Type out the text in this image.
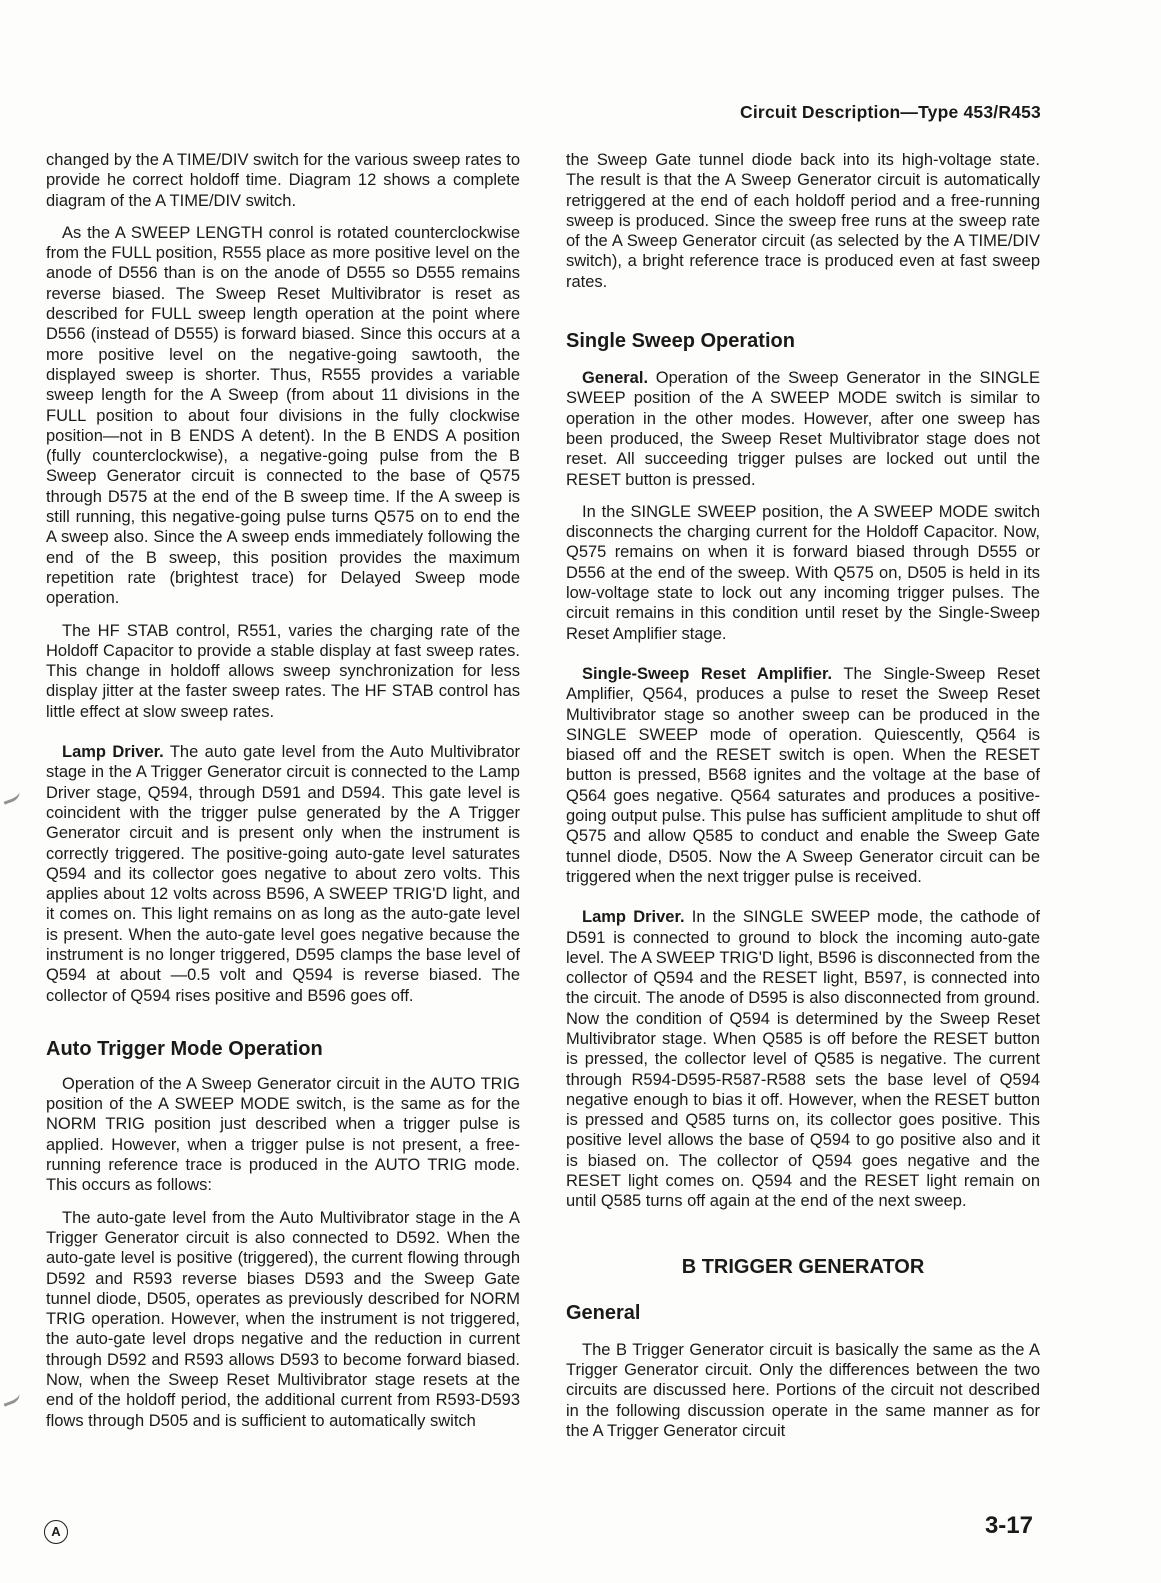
Circuit Description—Type 453/R453

changed by the A TIME/DIV switch for the various sweep rates to provide he correct holdoff time. Diagram 12 shows a complete diagram of the A TIME/DIV switch.

As the A SWEEP LENGTH conrol is rotated counterclockwise from the FULL position, R555 place as more positive level on the anode of D556 than is on the anode of D555 so D555 remains reverse biased. The Sweep Reset Multivibrator is reset as described for FULL sweep length operation at the point where D556 (instead of D555) is forward biased. Since this occurs at a more positive level on the negative-going sawtooth, the displayed sweep is shorter. Thus, R555 provides a variable sweep length for the A Sweep (from about 11 divisions in the FULL position to about four divisions in the fully clockwise position—not in B ENDS A detent). In the B ENDS A position (fully counterclockwise), a negative-going pulse from the B Sweep Generator circuit is connected to the base of Q575 through D575 at the end of the B sweep time. If the A sweep is still running, this negative-going pulse turns Q575 on to end the A sweep also. Since the A sweep ends immediately following the end of the B sweep, this position provides the maximum repetition rate (brightest trace) for Delayed Sweep mode operation.

The HF STAB control, R551, varies the charging rate of the Holdoff Capacitor to provide a stable display at fast sweep rates. This change in holdoff allows sweep synchronization for less display jitter at the faster sweep rates. The HF STAB control has little effect at slow sweep rates.

Lamp Driver. The auto gate level from the Auto Multivibrator stage in the A Trigger Generator circuit is connected to the Lamp Driver stage, Q594, through D591 and D594. This gate level is coincident with the trigger pulse generated by the A Trigger Generator circuit and is present only when the instrument is correctly triggered. The positive-going auto-gate level saturates Q594 and its collector goes negative to about zero volts. This applies about 12 volts across B596, A SWEEP TRIG'D light, and it comes on. This light remains on as long as the auto-gate level is present. When the auto-gate level goes negative because the instrument is no longer triggered, D595 clamps the base level of Q594 at about —0.5 volt and Q594 is reverse biased. The collector of Q594 rises positive and B596 goes off.

Auto Trigger Mode Operation

Operation of the A Sweep Generator circuit in the AUTO TRIG position of the A SWEEP MODE switch, is the same as for the NORM TRIG position just described when a trigger pulse is applied. However, when a trigger pulse is not present, a free-running reference trace is produced in the AUTO TRIG mode. This occurs as follows:

The auto-gate level from the Auto Multivibrator stage in the A Trigger Generator circuit is also connected to D592. When the auto-gate level is positive (triggered), the current flowing through D592 and R593 reverse biases D593 and the Sweep Gate tunnel diode, D505, operates as previously described for NORM TRIG operation. However, when the instrument is not triggered, the auto-gate level drops negative and the reduction in current through D592 and R593 allows D593 to become forward biased. Now, when the Sweep Reset Multivibrator stage resets at the end of the holdoff period, the additional current from R593-D593 flows through D505 and is sufficient to automatically switch

the Sweep Gate tunnel diode back into its high-voltage state. The result is that the A Sweep Generator circuit is automatically retriggered at the end of each holdoff period and a free-running sweep is produced. Since the sweep free runs at the sweep rate of the A Sweep Generator circuit (as selected by the A TIME/DIV switch), a bright reference trace is produced even at fast sweep rates.

Single Sweep Operation

General. Operation of the Sweep Generator in the SINGLE SWEEP position of the A SWEEP MODE switch is similar to operation in the other modes. However, after one sweep has been produced, the Sweep Reset Multivibrator stage does not reset. All succeeding trigger pulses are locked out until the RESET button is pressed.

In the SINGLE SWEEP position, the A SWEEP MODE switch disconnects the charging current for the Holdoff Capacitor. Now, Q575 remains on when it is forward biased through D555 or D556 at the end of the sweep. With Q575 on, D505 is held in its low-voltage state to lock out any incoming trigger pulses. The circuit remains in this condition until reset by the Single-Sweep Reset Amplifier stage.

Single-Sweep Reset Amplifier. The Single-Sweep Reset Amplifier, Q564, produces a pulse to reset the Sweep Reset Multivibrator stage so another sweep can be produced in the SINGLE SWEEP mode of operation. Quiescently, Q564 is biased off and the RESET switch is open. When the RESET button is pressed, B568 ignites and the voltage at the base of Q564 goes negative. Q564 saturates and produces a positive-going output pulse. This pulse has sufficient amplitude to shut off Q575 and allow Q585 to conduct and enable the Sweep Gate tunnel diode, D505. Now the A Sweep Generator circuit can be triggered when the next trigger pulse is received.

Lamp Driver. In the SINGLE SWEEP mode, the cathode of D591 is connected to ground to block the incoming auto-gate level. The A SWEEP TRIG'D light, B596 is disconnected from the collector of Q594 and the RESET light, B597, is connected into the circuit. The anode of D595 is also disconnected from ground. Now the condition of Q594 is determined by the Sweep Reset Multivibrator stage. When Q585 is off before the RESET button is pressed, the collector level of Q585 is negative. The current through R594-D595-R587-R588 sets the base level of Q594 negative enough to bias it off. However, when the RESET button is pressed and Q585 turns on, its collector goes positive. This positive level allows the base of Q594 to go positive also and it is biased on. The collector of Q594 goes negative and the RESET light comes on. Q594 and the RESET light remain on until Q585 turns off again at the end of the next sweep.

B TRIGGER GENERATOR
General

The B Trigger Generator circuit is basically the same as the A Trigger Generator circuit. Only the differences between the two circuits are discussed here. Portions of the circuit not described in the following discussion operate in the same manner as for the A Trigger Generator circuit

A	3-17
